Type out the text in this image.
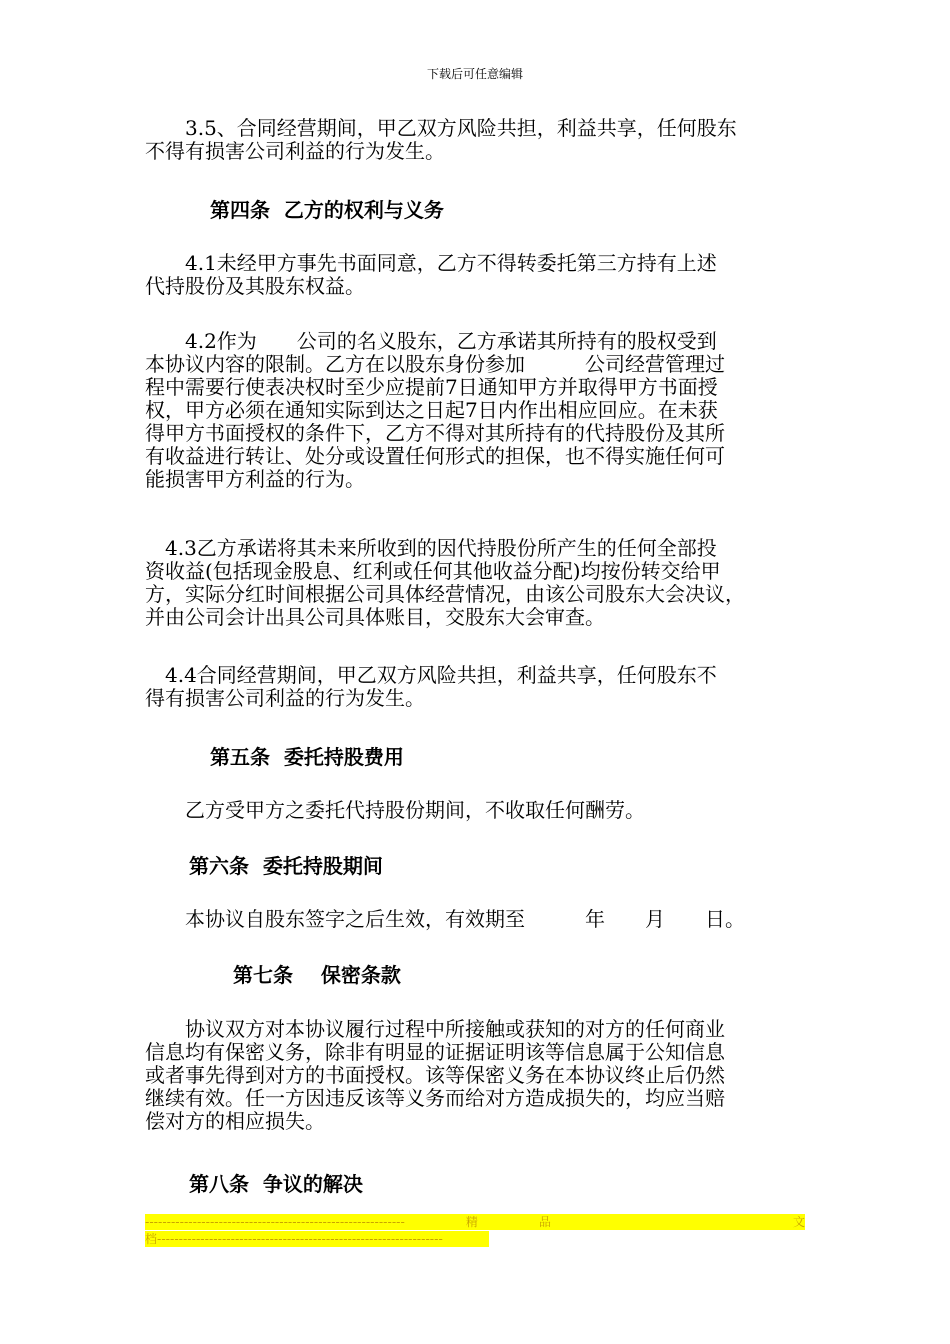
下载后可任意编辑
　　3.5、合同经营期间，甲乙双方风险共担，利益共享，任何股东
不得有损害公司利益的行为发生。
第四条  乙方的权利与义务
　　4.1未经甲方事先书面同意，乙方不得转委托第三方持有上述
代持股份及其股东权益。
　　4.2作为　　公司的名义股东，乙方承诺其所持有的股权受到
本协议内容的限制。乙方在以股东身份参加　　　公司经营管理过
程中需要行使表决权时至少应提前7日通知甲方并取得甲方书面授
权，甲方必须在通知实际到达之日起7日内作出相应回应。在未获
得甲方书面授权的条件下，乙方不得对其所持有的代持股份及其所
有收益进行转让、处分或设置任何形式的担保，也不得实施任何可
能损害甲方利益的行为。
　4.3乙方承诺将其未来所收到的因代持股份所产生的任何全部投
资收益(包括现金股息、红利或任何其他收益分配)均按份转交给甲
方，实际分红时间根据公司具体经营情况，由该公司股东大会决议，
并由公司会计出具公司具体账目，交股东大会审查。
　4.4合同经营期间，甲乙双方风险共担，利益共享，任何股东不
得有损害公司利益的行为发生。
第五条  委托持股费用
　　乙方受甲方之委托代持股份期间，不收取任何酬劳。
第六条  委托持股期间
　　本协议自股东签字之后生效，有效期至　　　年　　月　　日。
第七条    保密条款
　　协议双方对本协议履行过程中所接触或获知的对方的任何商业
信息均有保密义务，除非有明显的证据证明该等信息属于公知信息
或者事先得到对方的书面授权。该等保密义务在本协议终止后仍然
继续有效。任一方因违反该等义务而给对方造成损失的，均应当赔
偿对方的相应损失。
第八条  争议的解决
------------------------------------------------------------	精	品	文
档------------------------------------------------------------------
